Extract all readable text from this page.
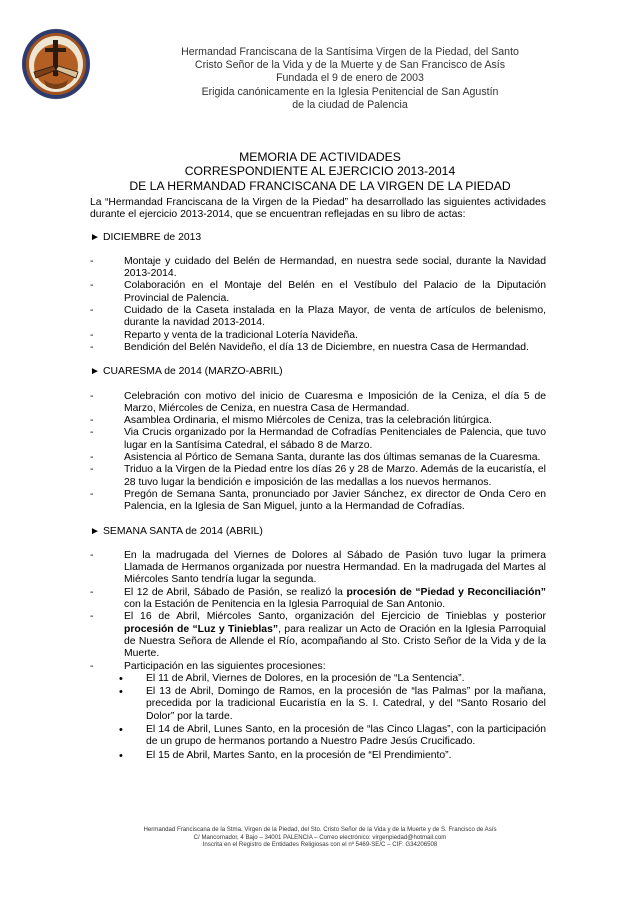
Hermandad Franciscana de la Santísima Virgen de la Piedad, del Santo
Cristo Señor de la Vida y de la Muerte y de San Francisco de Asís
Fundada el 9 de enero de 2003
Erigida canónicamente en la Iglesia Penitencial de San Agustín
de la ciudad de Palencia
MEMORIA DE ACTIVIDADES
CORRESPONDIENTE AL EJERCICIO 2013-2014
DE LA HERMANDAD FRANCISCANA DE LA VIRGEN DE LA PIEDAD

La “Hermandad Franciscana de la Virgen de la Piedad” ha desarrollado las siguientes actividades durante el ejercicio 2013-2014, que se encuentran reflejadas en su libro de actas:

► DICIEMBRE de 2013
-
Montaje y cuidado del Belén de Hermandad, en nuestra sede social, durante la Navidad 2013-2014.
-
Colaboración en el Montaje del Belén en el Vestíbulo del Palacio de la Diputación Provincial de Palencia.
-
Cuidado de la Caseta instalada en la Plaza Mayor, de venta de artículos de belenismo, durante la navidad 2013-2014.
-
Reparto y venta de la tradicional Lotería Navideña.
-
Bendición del Belén Navideño, el día 13 de Diciembre, en nuestra Casa de Hermandad.
► CUARESMA de 2014 (MARZO-ABRIL)
-
Celebración con motivo del inicio de Cuaresma e Imposición de la Ceniza, el día 5 de Marzo, Miércoles de Ceniza, en nuestra Casa de Hermandad.
-
Asamblea Ordinaria, el mismo Miércoles de Ceniza, tras la celebración litúrgica.
-
Via Crucis organizado por la Hermandad de Cofradías Penitenciales de Palencia, que tuvo lugar en la Santísima Catedral, el sábado 8 de Marzo.
-
Asistencia al Pórtico de Semana Santa, durante las dos últimas semanas de la Cuaresma.
-
Triduo a la Virgen de la Piedad entre los días 26 y 28 de Marzo. Además de la eucaristía, el 28 tuvo lugar la bendición e imposición de las medallas a los nuevos hermanos.
-
Pregón de Semana Santa, pronunciado por Javier Sánchez, ex director de Onda Cero en Palencia, en la Iglesia de San Miguel, junto a la Hermandad de Cofradías.
► SEMANA SANTA de 2014 (ABRIL)
-
En la madrugada del Viernes de Dolores al Sábado de Pasión tuvo lugar la primera Llamada de Hermanos organizada por nuestra Hermandad. En la madrugada del Martes al Miércoles Santo tendría lugar la segunda.
-
El 12 de Abril, Sábado de Pasión, se realizó la procesión de “Piedad y Reconciliación” con la Estación de Penitencia en la Iglesia Parroquial de San Antonio.
-
El 16 de Abril, Miércoles Santo, organización del Ejercicio de Tinieblas y posterior procesión de “Luz y Tinieblas”, para realizar un Acto de Oración en la Iglesia Parroquial de Nuestra Señora de Allende el Río, acompañando al Sto. Cristo Señor de la Vida y de la Muerte.
-
Participación en las siguientes procesiones:
•
El 11 de Abril, Viernes de Dolores, en la procesión de “La Sentencia”.
•
El 13 de Abril, Domingo de Ramos, en la procesión de “las Palmas” por la mañana, precedida por la tradicional Eucaristía en la S. I. Catedral, y del “Santo Rosario del Dolor” por la tarde.
•
El 14 de Abril, Lunes Santo, en la procesión de “las Cinco Llagas”, con la participación de un grupo de hermanos portando a Nuestro Padre Jesús Crucificado.
•
El 15 de Abril, Martes Santo, en la procesión de “El Prendimiento”.
Hermandad Franciscana de la Stma. Virgen de la Piedad, del Sto. Cristo Señor de la Vida y de la Muerte y de S. Francisco de Asís
C/ Mancornador, 4 Bajo – 34001 PALENCIA – Correo electrónico: virgenpiedad@hotmail.com
Inscrita en el Registro de Entidades Religiosas con el nº 5469-SE/C – CIF: G34206508
